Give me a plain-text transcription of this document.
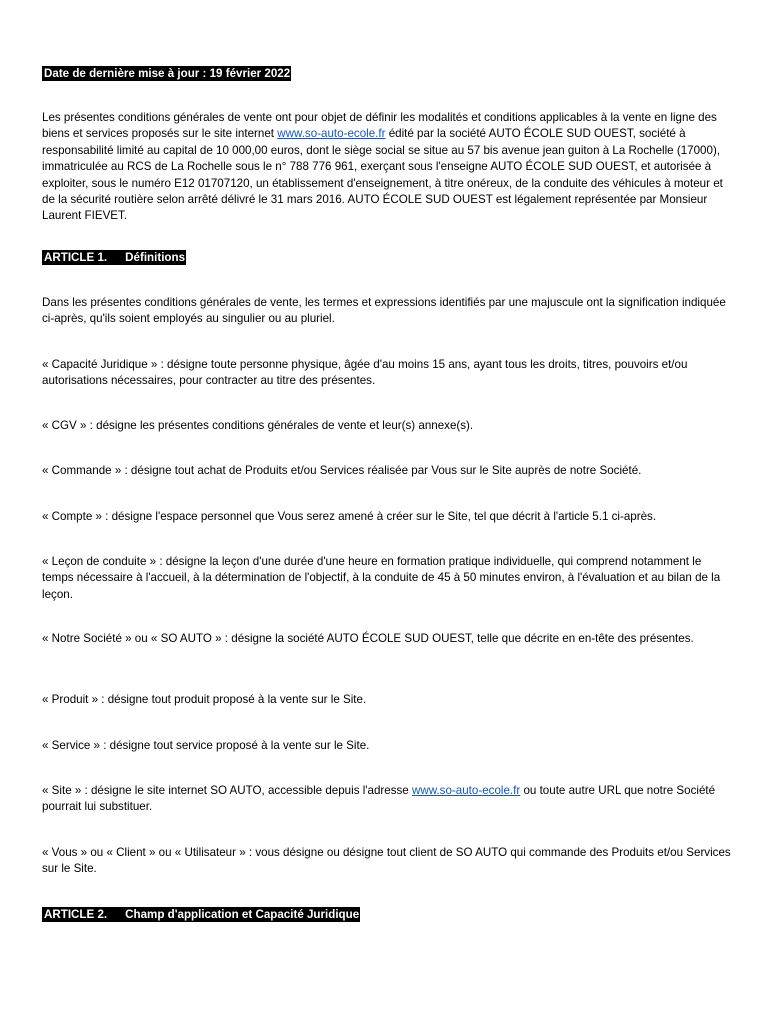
Date de dernière mise à jour : 19 février 2022

Les présentes conditions générales de vente ont pour objet de définir les modalités et conditions applicables à la vente en ligne des biens et services proposés sur le site internet www.so-auto-ecole.fr édité par la société AUTO ÉCOLE SUD OUEST, société à responsabilité limité au capital de 10 000,00 euros, dont le siège social se situe au 57 bis avenue jean guiton à La Rochelle (17000), immatriculée au RCS de La Rochelle sous le n° 788 776 961, exerçant sous l'enseigne AUTO ÉCOLE SUD OUEST, et autorisée à exploiter, sous le numéro E12 01707120, un établissement d'enseignement, à titre onéreux, de la conduite des véhicules à moteur et de la sécurité routière selon arrêté délivré le 31 mars 2016. AUTO ÉCOLE SUD OUEST est légalement représentée par Monsieur Laurent FIEVET.

ARTICLE 1. Définitions

Dans les présentes conditions générales de vente, les termes et expressions identifiés par une majuscule ont la signification indiquée ci-après, qu'ils soient employés au singulier ou au pluriel.

« Capacité Juridique » : désigne toute personne physique, âgée d'au moins 15 ans, ayant tous les droits, titres, pouvoirs et/ou autorisations nécessaires, pour contracter au titre des présentes.

« CGV » : désigne les présentes conditions générales de vente et leur(s) annexe(s).

« Commande » : désigne tout achat de Produits et/ou Services réalisée par Vous sur le Site auprès de notre Société.

« Compte » : désigne l'espace personnel que Vous serez amené à créer sur le Site, tel que décrit à l'article 5.1 ci-après.

« Leçon de conduite » : désigne la leçon d'une durée d'une heure en formation pratique individuelle, qui comprend notamment le temps nécessaire à l'accueil, à la détermination de l'objectif, à la conduite de 45 à 50 minutes environ, à l'évaluation et au bilan de la leçon.

« Notre Société » ou « SO AUTO » : désigne la société AUTO ÉCOLE SUD OUEST, telle que décrite en en-tête des présentes.

« Produit » : désigne tout produit proposé à la vente sur le Site.

« Service » : désigne tout service proposé à la vente sur le Site.

« Site » : désigne le site internet SO AUTO, accessible depuis l'adresse www.so-auto-ecole.fr ou toute autre URL que notre Société pourrait lui substituer.

« Vous » ou « Client » ou « Utilisateur » : vous désigne ou désigne tout client de SO AUTO qui commande des Produits et/ou Services sur le Site.

ARTICLE 2. Champ d'application et Capacité Juridique
